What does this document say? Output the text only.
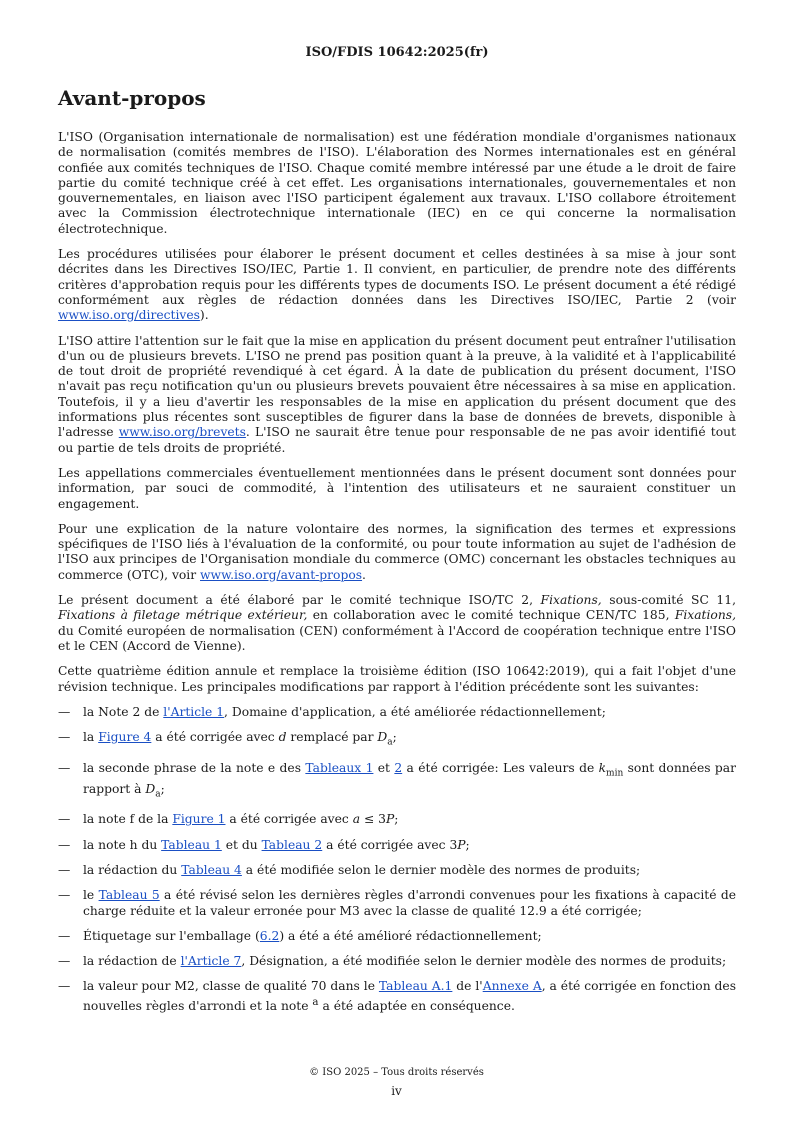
ISO/FDIS 10642:2025(fr)
Avant-propos

L'ISO (Organisation internationale de normalisation) est une fédération mondiale d'organismes nationaux de normalisation (comités membres de l'ISO). L'élaboration des Normes internationales est en général confiée aux comités techniques de l'ISO. Chaque comité membre intéressé par une étude a le droit de faire partie du comité technique créé à cet effet. Les organisations internationales, gouvernementales et non gouvernementales, en liaison avec l'ISO participent également aux travaux. L'ISO collabore étroitement avec la Commission électrotechnique internationale (IEC) en ce qui concerne la normalisation électrotechnique.

Les procédures utilisées pour élaborer le présent document et celles destinées à sa mise à jour sont décrites dans les Directives ISO/IEC, Partie 1. Il convient, en particulier, de prendre note des différents critères d'approbation requis pour les différents types de documents ISO. Le présent document a été rédigé conformément aux règles de rédaction données dans les Directives ISO/IEC, Partie 2 (voir www.iso.org/directives).

L'ISO attire l'attention sur le fait que la mise en application du présent document peut entraîner l'utilisation d'un ou de plusieurs brevets. L'ISO ne prend pas position quant à la preuve, à la validité et à l'applicabilité de tout droit de propriété revendiqué à cet égard. À la date de publication du présent document, l'ISO n'avait pas reçu notification qu'un ou plusieurs brevets pouvaient être nécessaires à sa mise en application. Toutefois, il y a lieu d'avertir les responsables de la mise en application du présent document que des informations plus récentes sont susceptibles de figurer dans la base de données de brevets, disponible à l'adresse www.iso.org/brevets. L'ISO ne saurait être tenue pour responsable de ne pas avoir identifié tout ou partie de tels droits de propriété.

Les appellations commerciales éventuellement mentionnées dans le présent document sont données pour information, par souci de commodité, à l'intention des utilisateurs et ne sauraient constituer un engagement.

Pour une explication de la nature volontaire des normes, la signification des termes et expressions spécifiques de l'ISO liés à l'évaluation de la conformité, ou pour toute information au sujet de l'adhésion de l'ISO aux principes de l'Organisation mondiale du commerce (OMC) concernant les obstacles techniques au commerce (OTC), voir www.iso.org/avant-propos.

Le présent document a été élaboré par le comité technique ISO/TC 2, Fixations, sous-comité SC 11, Fixations à filetage métrique extérieur, en collaboration avec le comité technique CEN/TC 185, Fixations, du Comité européen de normalisation (CEN) conformément à l'Accord de coopération technique entre l'ISO et le CEN (Accord de Vienne).

Cette quatrième édition annule et remplace la troisième édition (ISO 10642:2019), qui a fait l'objet d'une révision technique. Les principales modifications par rapport à l'édition précédente sont les suivantes:

— la Note 2 de l'Article 1, Domaine d'application, a été améliorée rédactionnellement;
— la Figure 4 a été corrigée avec d remplacé par $D_a$;
— la seconde phrase de la note e des Tableaux 1 et 2 a été corrigée: Les valeurs de $k_{min}$ sont données par rapport à $D_a$;
— la note f de la Figure 1 a été corrigée avec a ≤ 3P;
— la note h du Tableau 1 et du Tableau 2 a été corrigée avec 3P;
— la rédaction du Tableau 4 a été modifiée selon le dernier modèle des normes de produits;
— le Tableau 5 a été révisé selon les dernières règles d'arrondi convenues pour les fixations à capacité de charge réduite et la valeur erronée pour M3 avec la classe de qualité 12.9 a été corrigée;
— Étiquetage sur l'emballage (6.2) a été a été amélioré rédactionnellement;
— la rédaction de l'Article 7, Désignation, a été modifiée selon le dernier modèle des normes de produits;
— la valeur pour M2, classe de qualité 70 dans le Tableau A.1 de l'Annexe A, a été corrigée en fonction des nouvelles règles d'arrondi et la note $^a$ a été adaptée en conséquence.
© ISO 2025 – Tous droits réservés
iv
